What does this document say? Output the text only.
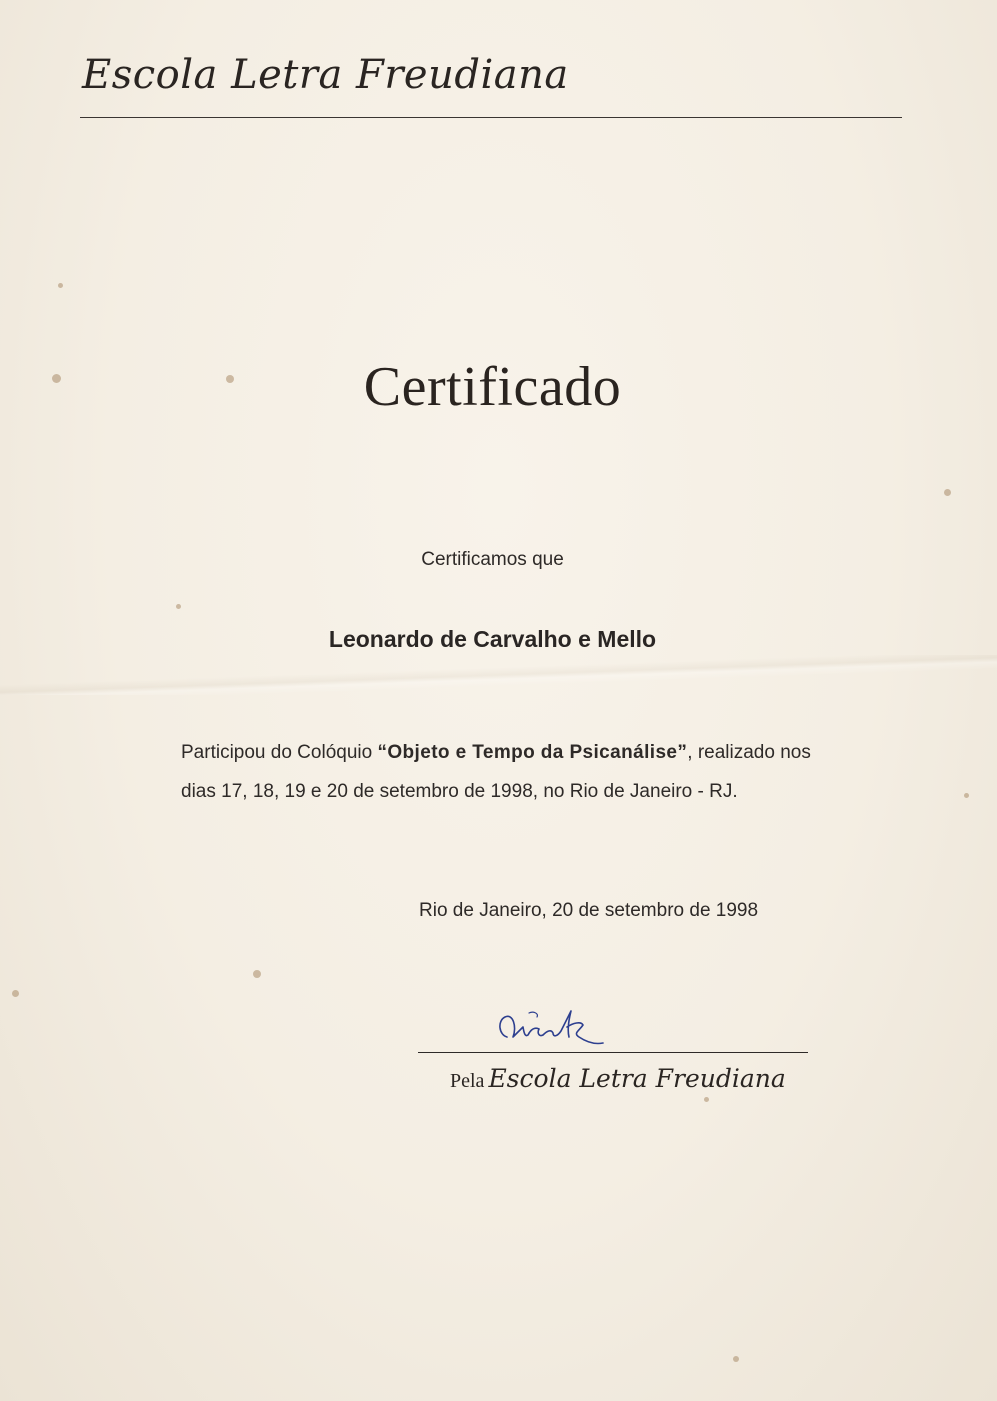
Escola Letra Freudiana
Certificado
Certificamos que
Leonardo de Carvalho e Mello
Participou do Colóquio “Objeto e Tempo da Psicanálise”, realizado nos dias 17, 18, 19 e 20 de setembro de 1998, no Rio de Janeiro - RJ.
Rio de Janeiro, 20 de setembro de 1998
Pela Escola Letra Freudiana
